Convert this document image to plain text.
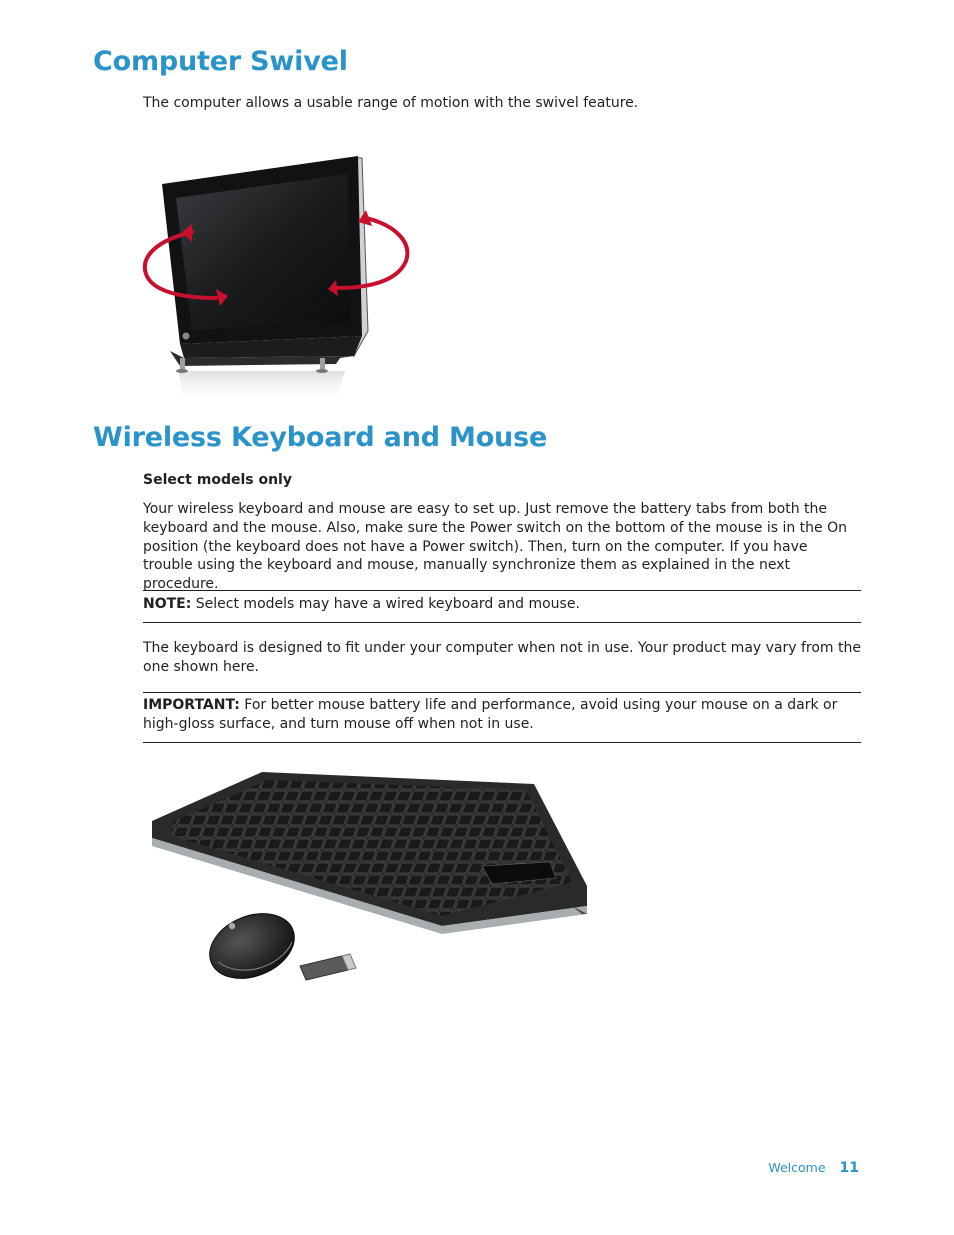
Computer Swivel

The computer allows a usable range of motion with the swivel feature.

Wireless Keyboard and Mouse

Select models only

Your wireless keyboard and mouse are easy to set up. Just remove the battery tabs from both the keyboard and the mouse. Also, make sure the Power switch on the bottom of the mouse is in the On position (the keyboard does not have a Power switch). Then, turn on the computer. If you have trouble using the keyboard and mouse, manually synchronize them as explained in the next procedure.

NOTE: Select models may have a wired keyboard and mouse.

The keyboard is designed to fit under your computer when not in use. Your product may vary from the one shown here.

IMPORTANT: For better mouse battery life and performance, avoid using your mouse on a dark or high-gloss surface, and turn mouse off when not in use.

Welcome 11
